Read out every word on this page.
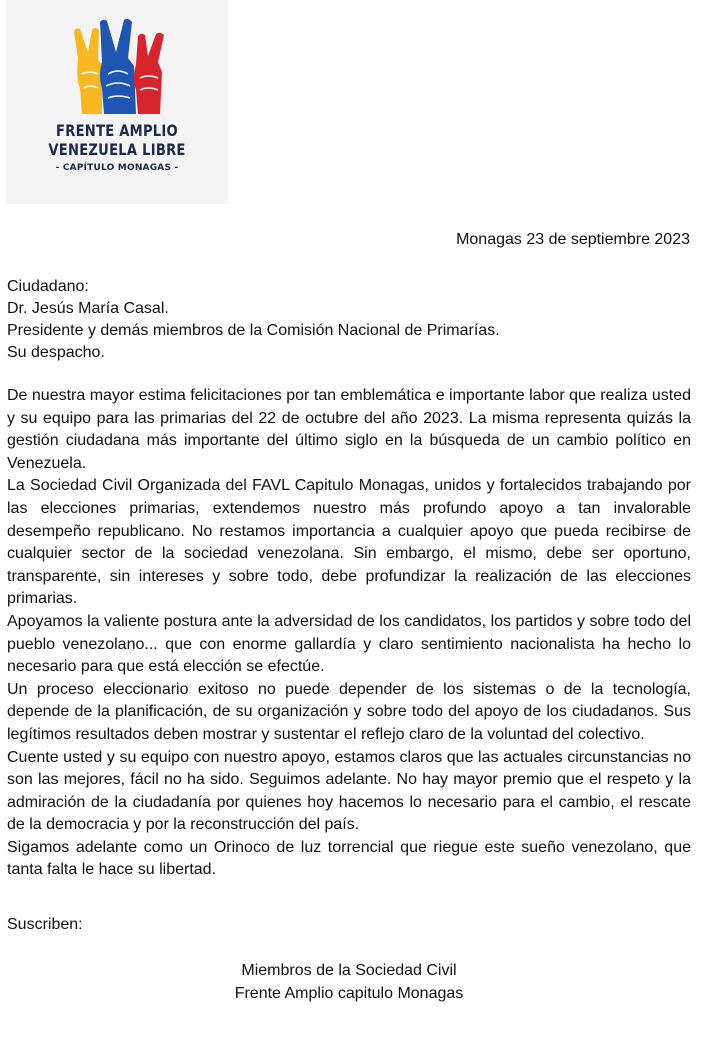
FRENTE AMPLIO
VENEZUELA LIBRE
- CAPÍTULO MONAGAS -
Monagas 23 de septiembre 2023
Ciudadano:
Dr. Jesús María Casal.
Presidente y demás miembros de la Comisión Nacional de Primarías.
Su despacho.

De nuestra mayor estima felicitaciones por tan emblemática e importante labor que realiza usted y su equipo para las primarias del 22 de octubre del año 2023. La misma representa quizás la gestión ciudadana más importante del último siglo en la búsqueda de un cambio político en Venezuela.

La Sociedad Civil Organizada del FAVL Capitulo Monagas, unidos y fortalecidos trabajando por las elecciones primarias, extendemos nuestro más profundo apoyo a tan invalorable desempeño republicano. No restamos importancia a cualquier apoyo que pueda recibirse de cualquier sector de la sociedad venezolana. Sin embargo, el mismo, debe ser oportuno, transparente, sin intereses y sobre todo, debe profundizar la realización de las elecciones primarias.

Apoyamos la valiente postura ante la adversidad de los candidatos, los partidos y sobre todo del pueblo venezolano... que con enorme gallardía y claro sentimiento nacionalista ha hecho lo necesario para que está elección se efectúe.

Un proceso eleccionario exitoso no puede depender de los sistemas o de la tecnología, depende de la planificación, de su organización y sobre todo del apoyo de los ciudadanos. Sus legítimos resultados deben mostrar y sustentar el reflejo claro de la voluntad del colectivo.

Cuente usted y su equipo con nuestro apoyo, estamos claros que las actuales circunstancias no son las mejores, fácil no ha sido. Seguimos adelante. No hay mayor premio que el respeto y la admiración de la ciudadanía por quienes hoy hacemos lo necesario para el cambio, el rescate de la democracia y por la reconstrucción del país.

Sigamos adelante como un Orinoco de luz torrencial que riegue este sueño venezolano, que tanta falta le hace su libertad.

Suscriben:
Miembros de la Sociedad Civil
Frente Amplio capitulo Monagas
